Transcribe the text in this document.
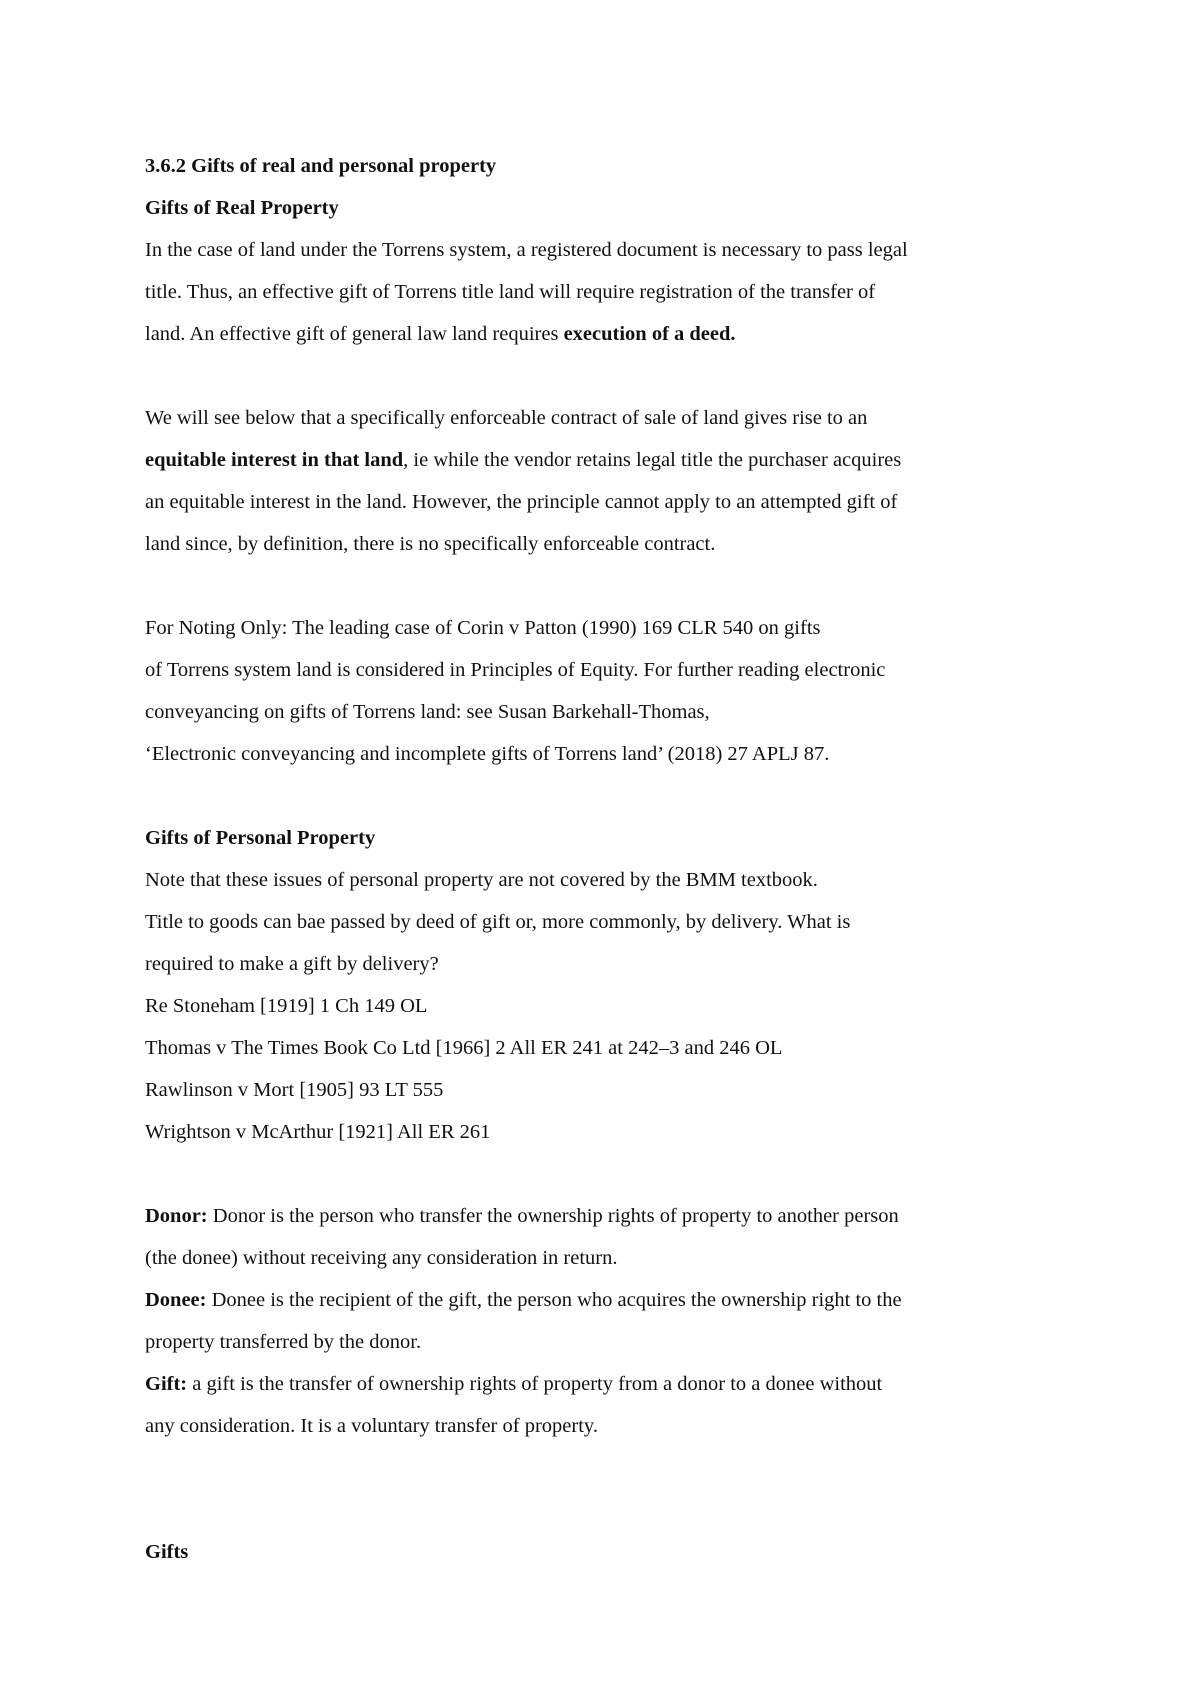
3.6.2 Gifts of real and personal property
Gifts of Real Property
In the case of land under the Torrens system, a registered document is necessary to pass legal
title. Thus, an effective gift of Torrens title land will require registration of the transfer of
land. An effective gift of general law land requires execution of a deed.
We will see below that a specifically enforceable contract of sale of land gives rise to an
equitable interest in that land, ie while the vendor retains legal title the purchaser acquires
an equitable interest in the land. However, the principle cannot apply to an attempted gift of
land since, by definition, there is no specifically enforceable contract.
For Noting Only: The leading case of Corin v Patton (1990) 169 CLR 540 on gifts
of Torrens system land is considered in Principles of Equity. For further reading electronic
conveyancing on gifts of Torrens land: see Susan Barkehall-Thomas,
‘Electronic conveyancing and incomplete gifts of Torrens land’ (2018) 27 APLJ 87.
Gifts of Personal Property
Note that these issues of personal property are not covered by the BMM textbook.
Title to goods can bae passed by deed of gift or, more commonly, by delivery. What is
required to make a gift by delivery?
Re Stoneham [1919] 1 Ch 149 OL
Thomas v The Times Book Co Ltd [1966] 2 All ER 241 at 242–3 and 246 OL
Rawlinson v Mort [1905] 93 LT 555
Wrightson v McArthur [1921] All ER 261
Donor: Donor is the person who transfer the ownership rights of property to another person
(the donee) without receiving any consideration in return.
Donee: Donee is the recipient of the gift, the person who acquires the ownership right to the
property transferred by the donor.
Gift: a gift is the transfer of ownership rights of property from a donor to a donee without
any consideration. It is a voluntary transfer of property.
Gifts
